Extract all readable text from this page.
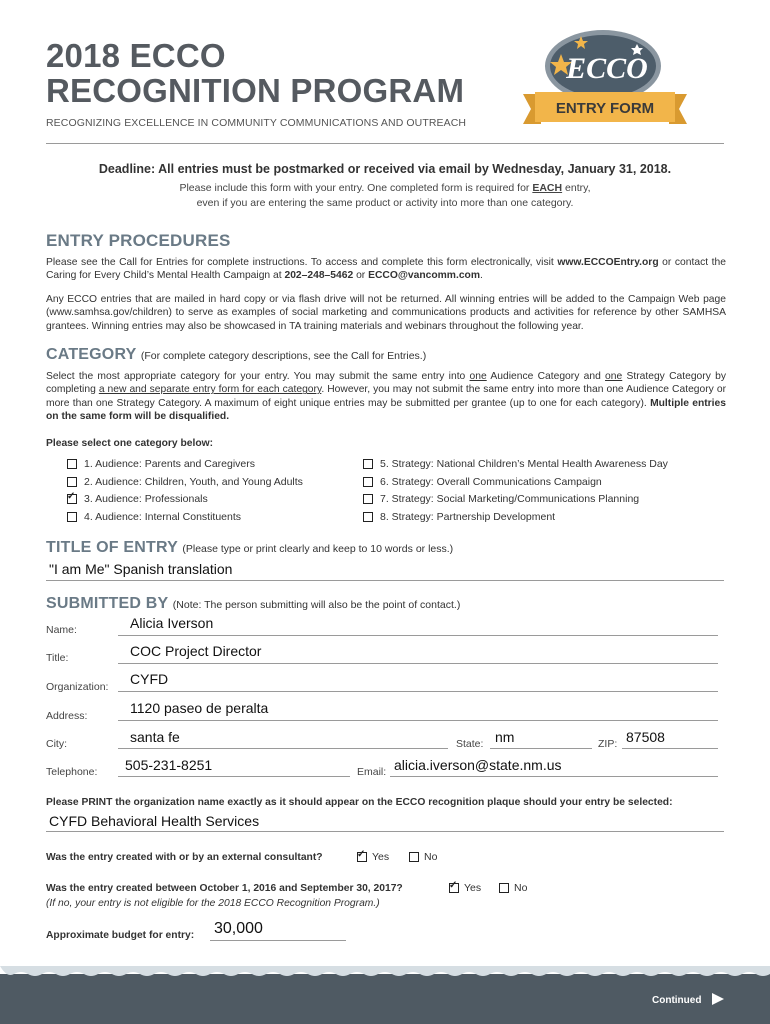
2018 ECCO
RECOGNITION PROGRAM
RECOGNIZING EXCELLENCE IN COMMUNITY COMMUNICATIONS AND OUTREACH
ECCO
ENTRY FORM
Deadline: All entries must be postmarked or received via email by Wednesday, January 31, 2018.
Please include this form with your entry. One completed form is required for EACH entry,
even if you are entering the same product or activity into more than one category.
ENTRY PROCEDURES
Please see the Call for Entries for complete instructions. To access and complete this form electronically, visit www.ECCOEntry.org or contact the Caring for Every Child’s Mental Health Campaign at 202–248–5462 or ECCO@vancomm.com.
Any ECCO entries that are mailed in hard copy or via flash drive will not be returned. All winning entries will be added to the Campaign Web page (www.samhsa.gov/children) to serve as examples of social marketing and communications products and activities for reference by other SAMHSA grantees. Winning entries may also be showcased in TA training materials and webinars throughout the following year.
CATEGORY (For complete category descriptions, see the Call for Entries.)
Select the most appropriate category for your entry. You may submit the same entry into one Audience Category and one Strategy Category by completing a new and separate entry form for each category. However, you may not submit the same entry into more than one Audience Category or more than one Strategy Category. A maximum of eight unique entries may be submitted per grantee (up to one for each category). Multiple entries on the same form will be disqualified.
Please select one category below:
1. Audience: Parents and Caregivers
2. Audience: Children, Youth, and Young Adults
✓ 3. Audience: Professionals
4. Audience: Internal Constituents
5. Strategy: National Children’s Mental Health Awareness Day
6. Strategy: Overall Communications Campaign
7. Strategy: Social Marketing/Communications Planning
8. Strategy: Partnership Development
TITLE OF ENTRY (Please type or print clearly and keep to 10 words or less.)
"I am Me" Spanish translation
SUBMITTED BY (Note: The person submitting will also be the point of contact.)
Name:	Alicia Iverson
Title:	COC Project Director
Organization: CYFD
Address:	1120 paseo de peralta
City:	santa fe	State: nm	ZIP: 87508
Telephone: 505-231-8251	Email: alicia.iverson@state.nm.us
Please PRINT the organization name exactly as it should appear on the ECCO recognition plaque should your entry be selected:
CYFD Behavioral Health Services
Was the entry created with or by an external consultant?	✓ Yes	No
Was the entry created between October 1, 2016 and September 30, 2017?	✓ Yes	No
(If no, your entry is not eligible for the 2018 ECCO Recognition Program.)
Approximate budget for entry: 30,000
Continued
